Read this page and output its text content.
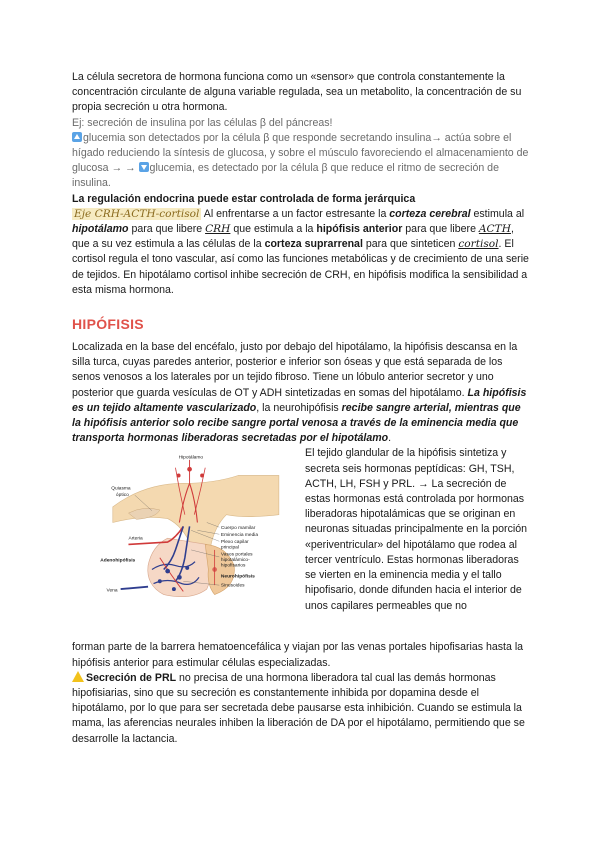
La célula secretora de hormona funciona como un «sensor» que controla constantemente la concentración circulante de alguna variable regulada, sea un metabolito, la concentración de su propia secreción u otra hormona.

Ej: secreción de insulina por las células β del páncreas!

glucemia son detectados por la célula β que responde secretando insulina→ actúa sobre el hígado reduciendo la síntesis de glucosa, y sobre el músculo favoreciendo el almacenamiento de glucosa → → glucemia, es detectado por la célula β que reduce el ritmo de secreción de insulina.

La regulación endocrina puede estar controlada de forma jerárquica

Eje CRH-ACTH-cortisol Al enfrentarse a un factor estresante la corteza cerebral estimula al hipotálamo para que libere CRH que estimula a la hipófisis anterior para que libere ACTH, que a su vez estimula a las células de la corteza suprarrenal para que sinteticen cortisol. El cortisol regula el tono vascular, así como las funciones metabólicas y de crecimiento de una serie de tejidos. En hipotálamo cortisol inhibe secreción de CRH, en hipófisis modifica la sensibilidad a esta misma hormona.

HIPÓFISIS

Localizada en la base del encéfalo, justo por debajo del hipotálamo, la hipófisis descansa en la silla turca, cuyas paredes anterior, posterior e inferior son óseas y que está separada de los senos venosos a los laterales por un tejido fibroso. Tiene un lóbulo anterior secretor y uno posterior que guarda vesículas de OT y ADH sintetizadas en somas del hipotálamo. La hipófisis es un tejido altamente vascularizado, la neurohipófisis recibe sangre arterial, mientras que la hipófisis anterior solo recibe sangre portal venosa a través de la eminencia media que transporta hormonas liberadoras secretadas por el hipotálamo.

El tejido glandular de la hipófisis sintetiza y secreta seis hormonas peptídicas: GH, TSH, ACTH, LH, FSH y PRL. → La secreción de estas hormonas está controlada por hormonas liberadoras hipotalámicas que se originan en neuronas situadas principalmente en la porción «periventricular» del hipotálamo que rodea al tercer ventrículo. Estas hormonas liberadoras se vierten en la eminencia media y el tallo hipofisario, donde difunden hacia el interior de unos capilares permeables que no

Hipotálamo
Quiasma
óptico
Cuerpo mamilar
Eminencia media
Plexo capilar
principal
Arteria
Vasos portales
hipotalámico-
hipofisarios
Adenohipófisis
Neurohipófisis
Vena
Sinusoides

forman parte de la barrera hematoencefálica y viajan por las venas portales hipofisarias hasta la hipófisis anterior para estimular células especializadas.

Secreción de PRL no precisa de una hormona liberadora tal cual las demás hormonas hipofisiarias, sino que su secreción es constantemente inhibida por dopamina desde el hipotálamo, por lo que para ser secretada debe pausarse esta inhibición. Cuando se estimula la mama, las aferencias neurales inhiben la liberación de DA por el hipotálamo, permitiendo que se desarrolle la lactancia.
